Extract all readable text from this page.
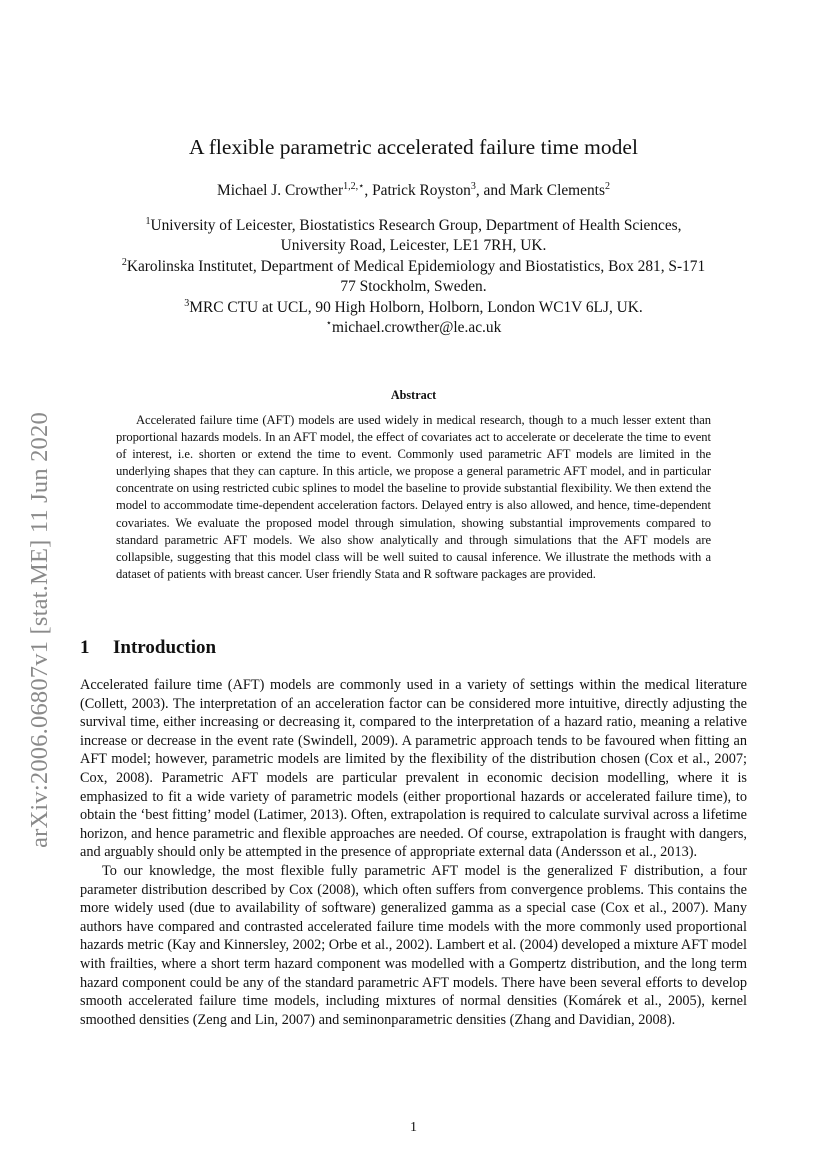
arXiv:2006.06807v1 [stat.ME] 11 Jun 2020
A flexible parametric accelerated failure time model
Michael J. Crowther$^{1,2,⋆}$, Patrick Royston$^3$, and Mark Clements$^2$
$^1$University of Leicester, Biostatistics Research Group, Department of Health Sciences,
University Road, Leicester, LE1 7RH, UK.
$^2$Karolinska Institutet, Department of Medical Epidemiology and Biostatistics, Box 281, S-171
77 Stockholm, Sweden.
$^3$MRC CTU at UCL, 90 High Holborn, Holborn, London WC1V 6LJ, UK.
⋆michael.crowther@le.ac.uk
Abstract
Accelerated failure time (AFT) models are used widely in medical research, though to a much lesser extent than proportional hazards models. In an AFT model, the effect of covariates act to accelerate or decelerate the time to event of interest, i.e. shorten or extend the time to event. Commonly used parametric AFT models are limited in the underlying shapes that they can capture. In this article, we propose a general parametric AFT model, and in particular concentrate on using restricted cubic splines to model the baseline to provide substantial flexibility. We then extend the model to accommodate time-dependent acceleration factors. Delayed entry is also allowed, and hence, time-dependent covariates. We evaluate the proposed model through simulation, showing substantial improvements compared to standard parametric AFT models. We also show analytically and through simulations that the AFT models are collapsible, suggesting that this model class will be well suited to causal inference. We illustrate the methods with a dataset of patients with breast cancer. User friendly Stata and R software packages are provided.
1 Introduction

Accelerated failure time (AFT) models are commonly used in a variety of settings within the medical literature (Collett, 2003). The interpretation of an acceleration factor can be considered more intuitive, directly adjusting the survival time, either increasing or decreasing it, compared to the interpretation of a hazard ratio, meaning a relative increase or decrease in the event rate (Swindell, 2009). A parametric approach tends to be favoured when fitting an AFT model; however, parametric models are limited by the flexibility of the distribution chosen (Cox et al., 2007; Cox, 2008). Parametric AFT models are particular prevalent in economic decision modelling, where it is emphasized to fit a wide variety of parametric models (either proportional hazards or accelerated failure time), to obtain the ‘best fitting’ model (Latimer, 2013). Often, extrapolation is required to calculate survival across a lifetime horizon, and hence parametric and flexible approaches are needed. Of course, extrapolation is fraught with dangers, and arguably should only be attempted in the presence of appropriate external data (Andersson et al., 2013).

To our knowledge, the most flexible fully parametric AFT model is the generalized F distribution, a four parameter distribution described by Cox (2008), which often suffers from convergence problems. This contains the more widely used (due to availability of software) generalized gamma as a special case (Cox et al., 2007). Many authors have compared and contrasted accelerated failure time models with the more commonly used proportional hazards metric (Kay and Kinnersley, 2002; Orbe et al., 2002). Lambert et al. (2004) developed a mixture AFT model with frailties, where a short term hazard component was modelled with a Gompertz distribution, and the long term hazard component could be any of the standard parametric AFT models. There have been several efforts to develop smooth accelerated failure time models, including mixtures of normal densities (Komárek et al., 2005), kernel smoothed densities (Zeng and Lin, 2007) and seminonparametric densities (Zhang and Davidian, 2008).

1
